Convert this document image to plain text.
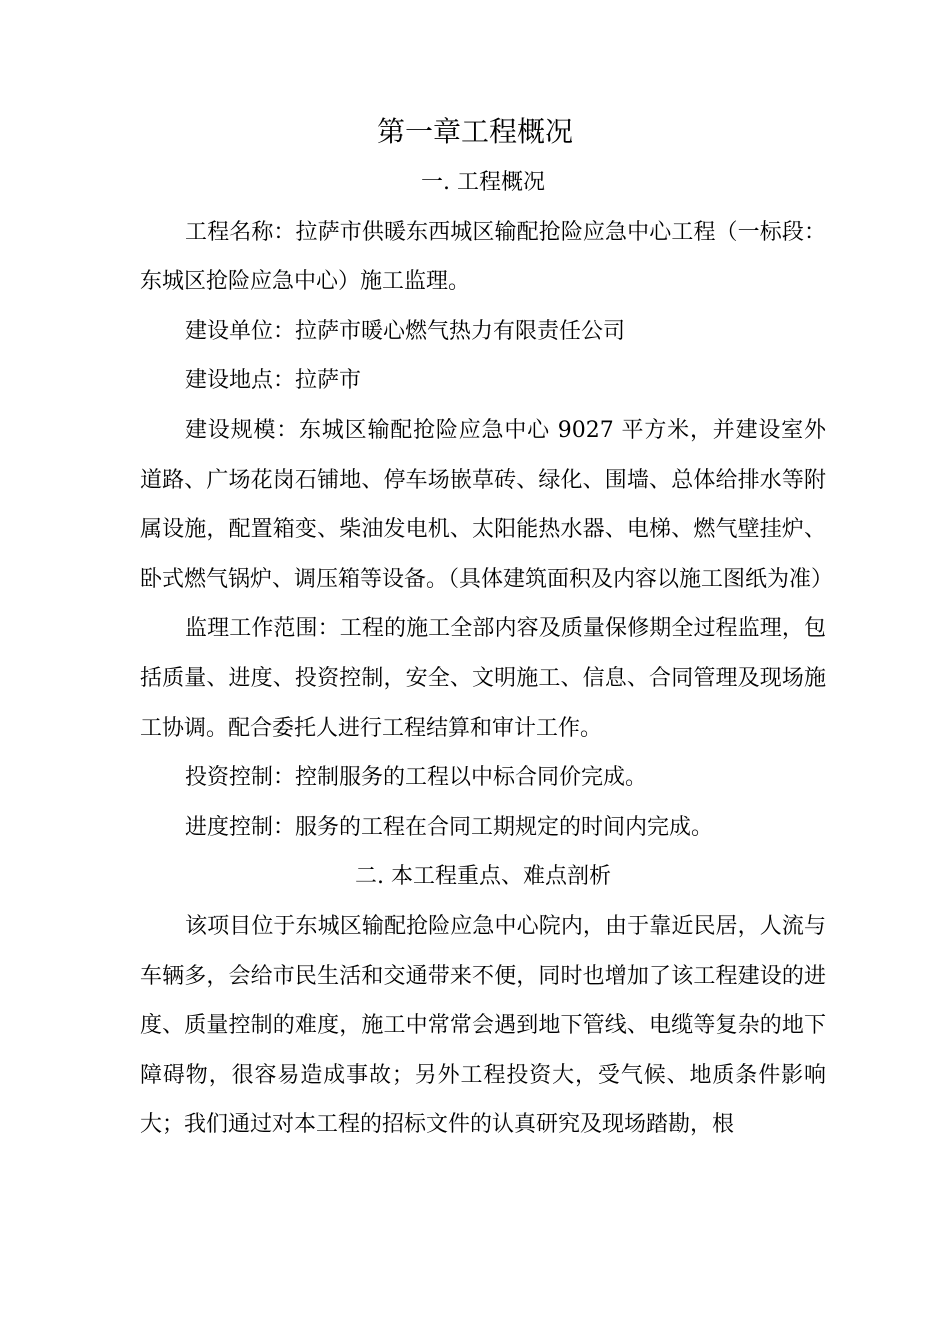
第一章工程概况

一. 工程概况

工程名称：拉萨市供暖东西城区输配抢险应急中心工程（一标段：东城区抢险应急中心）施工监理。

建设单位：拉萨市暖心燃气热力有限责任公司

建设地点：拉萨市

建设规模：东城区输配抢险应急中心 9027 平方米，并建设室外道路、广场花岗石铺地、停车场嵌草砖、绿化、围墙、总体给排水等附属设施，配置箱变、柴油发电机、太阳能热水器、电梯、燃气壁挂炉、卧式燃气锅炉、调压箱等设备。（具体建筑面积及内容以施工图纸为准）

监理工作范围：工程的施工全部内容及质量保修期全过程监理，包括质量、进度、投资控制，安全、文明施工、信息、合同管理及现场施工协调。配合委托人进行工程结算和审计工作。

投资控制：控制服务的工程以中标合同价完成。

进度控制：服务的工程在合同工期规定的时间内完成。

二. 本工程重点、难点剖析

该项目位于东城区输配抢险应急中心院内，由于靠近民居，人流与车辆多，会给市民生活和交通带来不便，同时也增加了该工程建设的进度、质量控制的难度，施工中常常会遇到地下管线、电缆等复杂的地下障碍物，很容易造成事故；另外工程投资大，受气候、地质条件影响大；我们通过对本工程的招标文件的认真研究及现场踏勘，根
